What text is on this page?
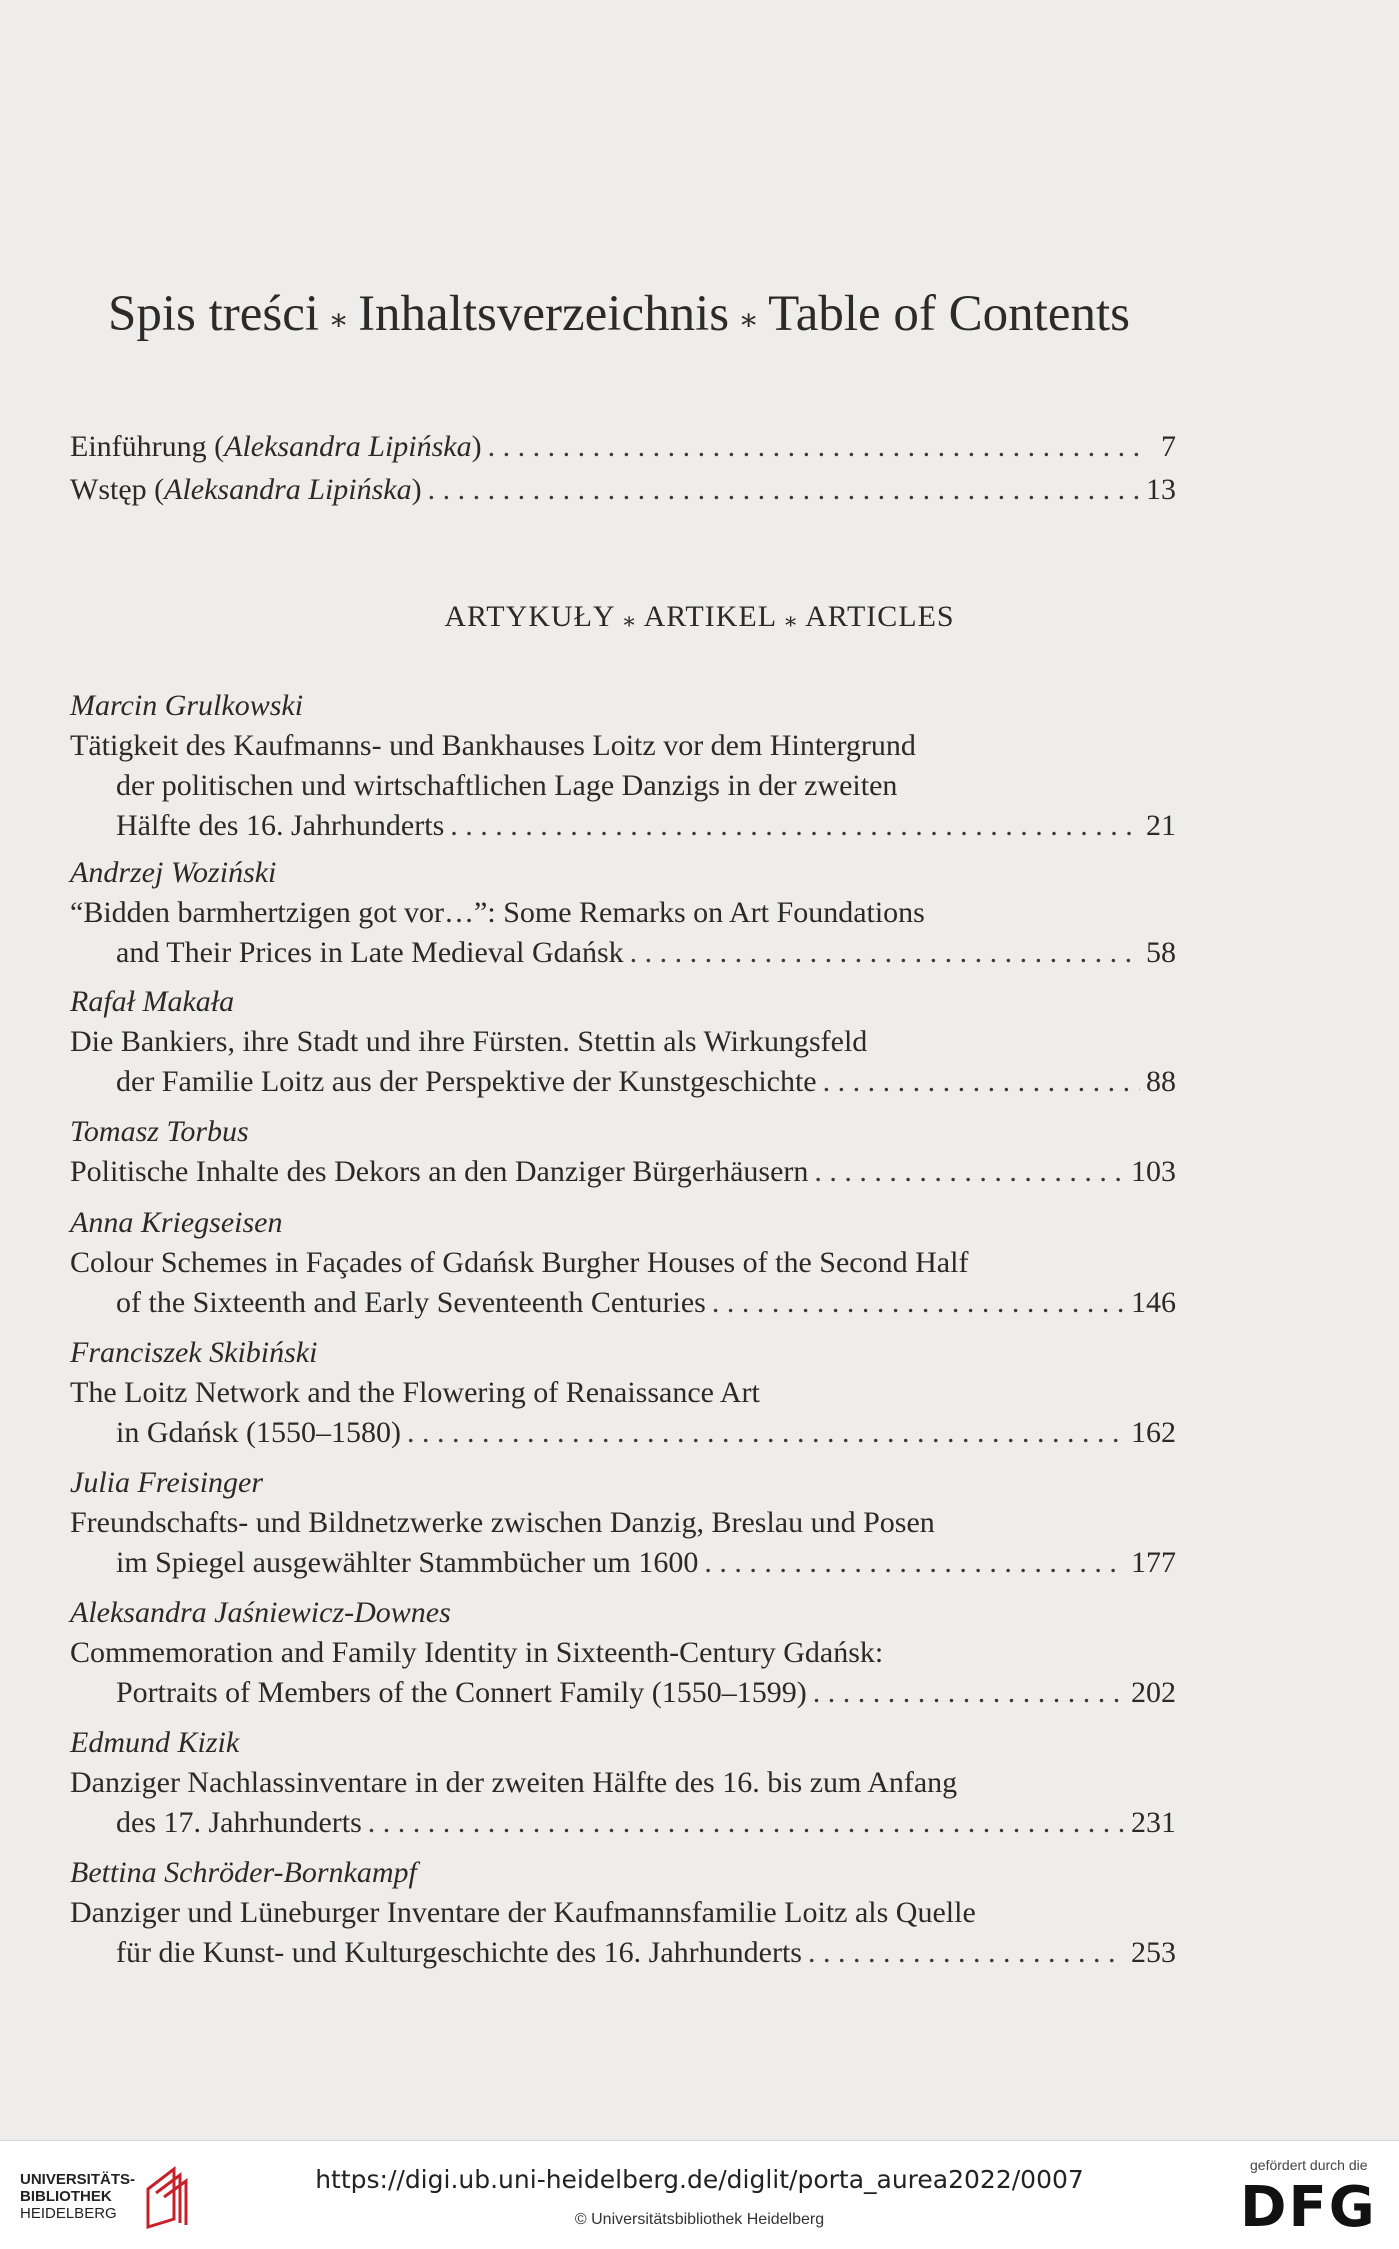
Spis treści ⁎ Inhaltsverzeichnis ⁎ Table of Contents
Einführung (Aleksandra Lipińska) . . .	7
Wstęp (Aleksandra Lipińska) . . .	13
ARTYKUŁY ⁎ ARTIKEL ⁎ ARTICLES
Marcin Grulkowski
Tätigkeit des Kaufmanns- und Bankhauses Loitz vor dem Hintergrund
der politischen und wirtschaftlichen Lage Danzigs in der zweiten
Hälfte des 16. Jahrhunderts . . .	21
Andrzej Woziński
“Bidden barmhertzigen got vor…”: Some Remarks on Art Foundations
and Their Prices in Late Medieval Gdańsk . . .	58
Rafał Makała
Die Bankiers, ihre Stadt und ihre Fürsten. Stettin als Wirkungsfeld
der Familie Loitz aus der Perspektive der Kunstgeschichte . . .	88
Tomasz Torbus
Politische Inhalte des Dekors an den Danziger Bürgerhäusern . . .	103
Anna Kriegseisen
Colour Schemes in Façades of Gdańsk Burgher Houses of the Second Half
of the Sixteenth and Early Seventeenth Centuries . . .	146
Franciszek Skibiński
The Loitz Network and the Flowering of Renaissance Art
in Gdańsk (1550–1580) . . .	162
Julia Freisinger
Freundschafts- und Bildnetzwerke zwischen Danzig, Breslau und Posen
im Spiegel ausgewählter Stammbücher um 1600 . . .	177
Aleksandra Jaśniewicz-Downes
Commemoration and Family Identity in Sixteenth-Century Gdańsk:
Portraits of Members of the Connert Family (1550–1599) . . .	202
Edmund Kizik
Danziger Nachlassinventare in der zweiten Hälfte des 16. bis zum Anfang
des 17. Jahrhunderts . . .	231
Bettina Schröder-Bornkampf
Danziger und Lüneburger Inventare der Kaufmannsfamilie Loitz als Quelle
für die Kunst- und Kulturgeschichte des 16. Jahrhunderts . . .	253
UNIVERSITÄTS-
BIBLIOTHEK
HEIDELBERG
https://digi.ub.uni-heidelberg.de/diglit/porta_aurea2022/0007
© Universitätsbibliothek Heidelberg
gefördert durch die
DFG
